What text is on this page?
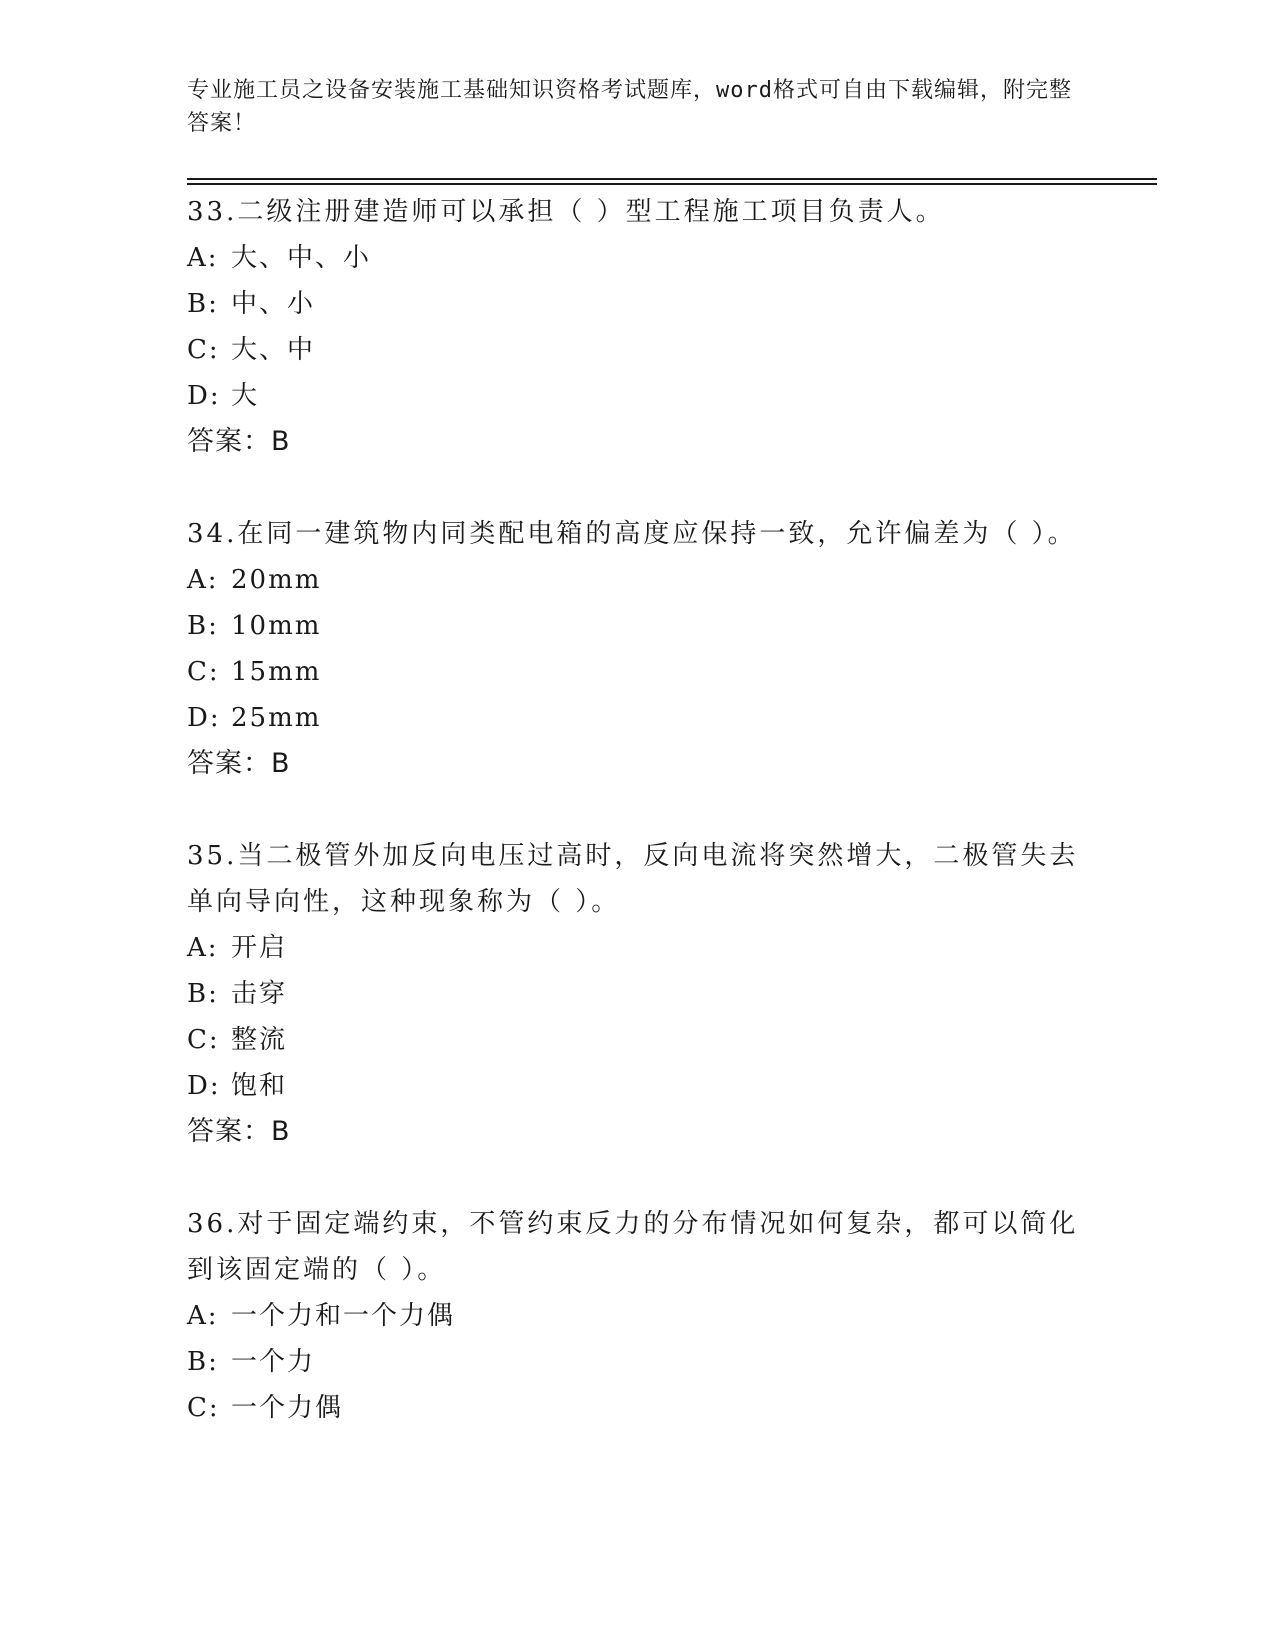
专业施工员之设备安装施工基础知识资格考试题库，word格式可自由下载编辑，附完整答案！
33.二级注册建造师可以承担（ ）型工程施工项目负责人。
A: 大、中、小
B: 中、小
C: 大、中
D: 大
答案：B
34.在同一建筑物内同类配电箱的高度应保持一致，允许偏差为（ ）。
A: 20mm
B: 10mm
C: 15mm
D: 25mm
答案：B
35.当二极管外加反向电压过高时，反向电流将突然增大，二极管失去单向导向性，这种现象称为（ ）。
A: 开启
B: 击穿
C: 整流
D: 饱和
答案：B
36.对于固定端约束，不管约束反力的分布情况如何复杂，都可以简化到该固定端的（ ）。
A: 一个力和一个力偶
B: 一个力
C: 一个力偶
